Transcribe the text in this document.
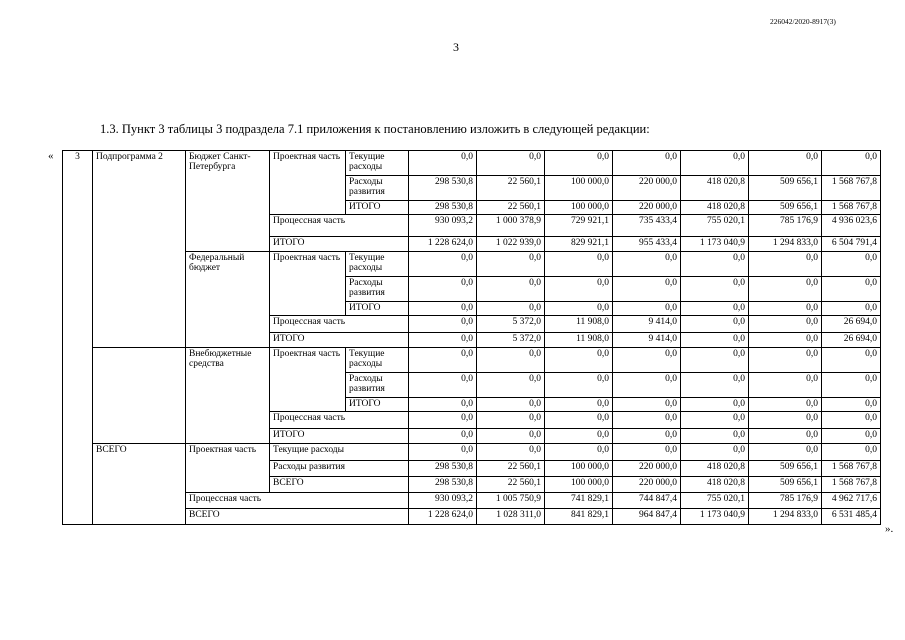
226042/2020-8917(3)
3
1.3. Пункт 3 таблицы 3 подраздела 7.1 приложения к постановлению изложить в следующей редакции:
«
».
3	Подпрограмма 2	Бюджет Санкт-Петербурга	Проектная часть	Текущие расходы	0,0	0,0	0,0	0,0	0,0	0,0	0,0
				Расходы развития	298 530,8	22 560,1	100 000,0	220 000,0	418 020,8	509 656,1	1 568 767,8
				ИТОГО	298 530,8	22 560,1	100 000,0	220 000,0	418 020,8	509 656,1	1 568 767,8
			Процессная часть		930 093,2	1 000 378,9	729 921,1	735 433,4	755 020,1	785 176,9	4 936 023,6
			ИТОГО		1 228 624,0	1 022 939,0	829 921,1	955 433,4	1 173 040,9	1 294 833,0	6 504 791,4
		Федеральный бюджет	Проектная часть	Текущие расходы	0,0	0,0	0,0	0,0	0,0	0,0	0,0
				Расходы развития	0,0	0,0	0,0	0,0	0,0	0,0	0,0
				ИТОГО	0,0	0,0	0,0	0,0	0,0	0,0	0,0
			Процессная часть		0,0	5 372,0	11 908,0	9 414,0	0,0	0,0	26 694,0
			ИТОГО		0,0	5 372,0	11 908,0	9 414,0	0,0	0,0	26 694,0
		Внебюджетные средства	Проектная часть	Текущие расходы	0,0	0,0	0,0	0,0	0,0	0,0	0,0
				Расходы развития	0,0	0,0	0,0	0,0	0,0	0,0	0,0
				ИТОГО	0,0	0,0	0,0	0,0	0,0	0,0	0,0
			Процессная часть		0,0	0,0	0,0	0,0	0,0	0,0	0,0
			ИТОГО		0,0	0,0	0,0	0,0	0,0	0,0	0,0
	ВСЕГО	Проектная часть	Текущие расходы		0,0	0,0	0,0	0,0	0,0	0,0	0,0
			Расходы развития		298 530,8	22 560,1	100 000,0	220 000,0	418 020,8	509 656,1	1 568 767,8
			ВСЕГО		298 530,8	22 560,1	100 000,0	220 000,0	418 020,8	509 656,1	1 568 767,8
		Процессная часть			930 093,2	1 005 750,9	741 829,1	744 847,4	755 020,1	785 176,9	4 962 717,6
		ВСЕГО			1 228 624,0	1 028 311,0	841 829,1	964 847,4	1 173 040,9	1 294 833,0	6 531 485,4
